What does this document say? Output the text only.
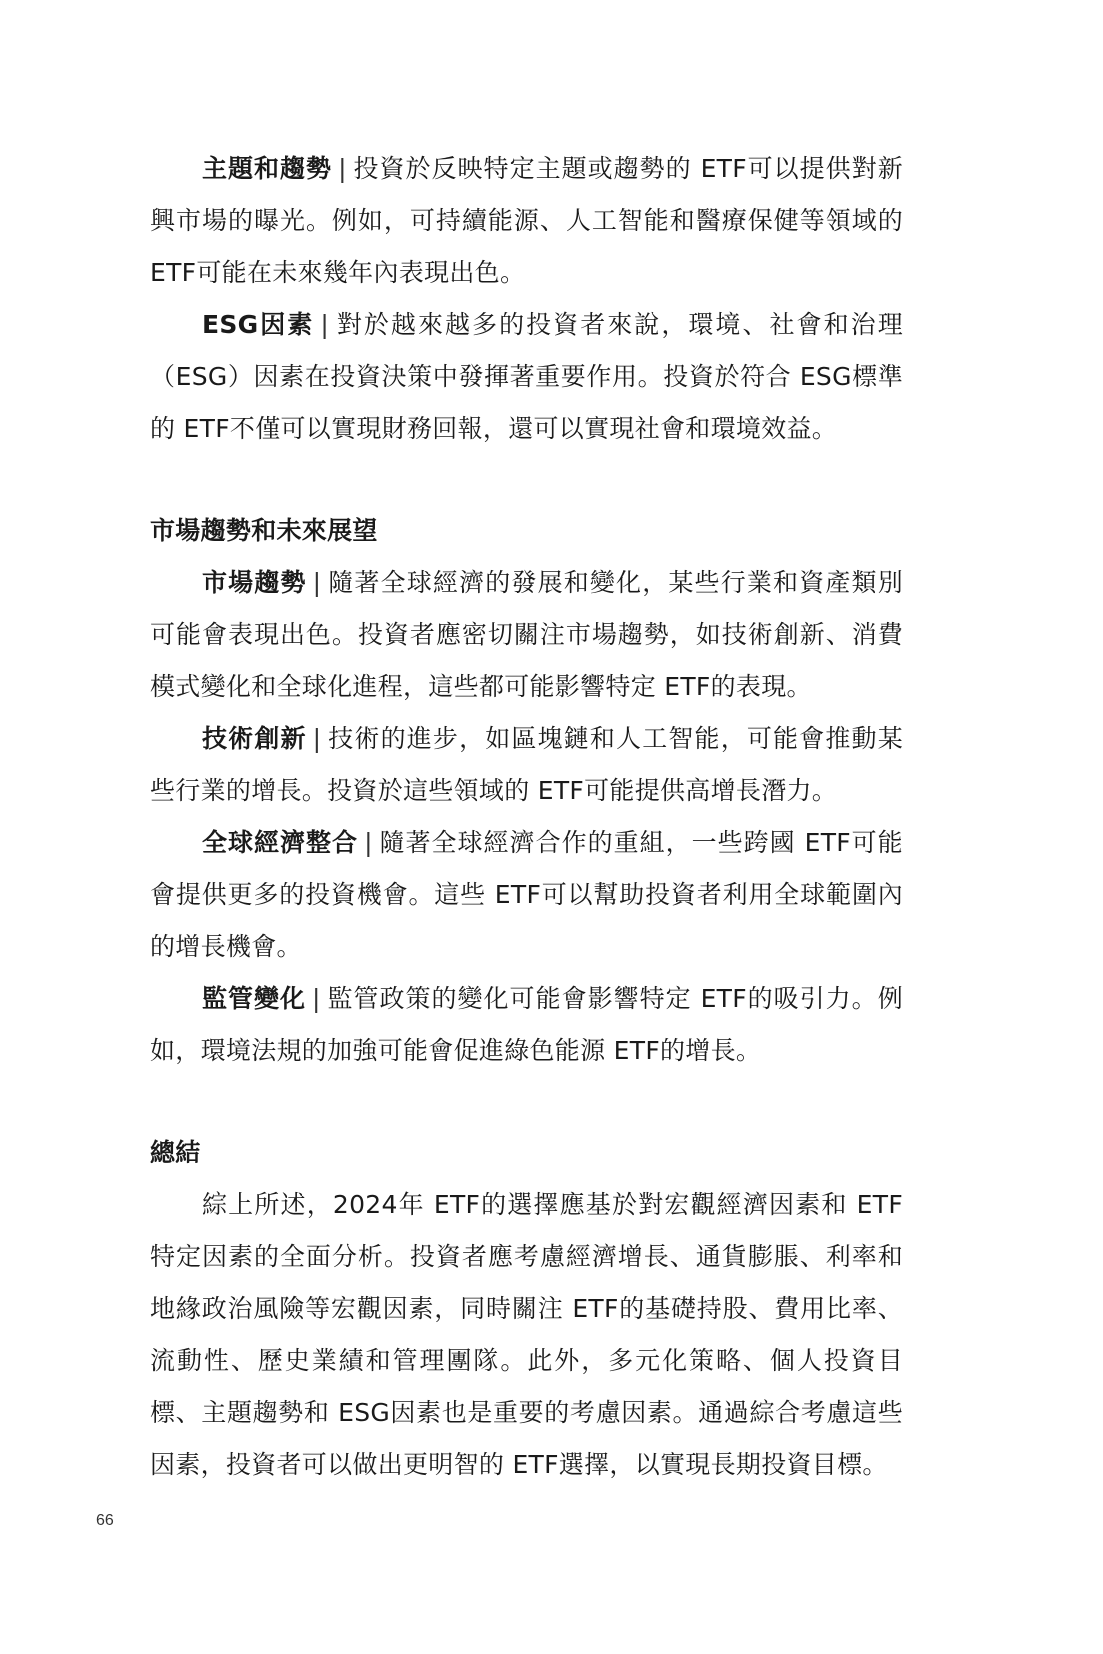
主題和趨勢 | 投資於反映特定主題或趨勢的 ETF可以提供對新興市場的曝光。例如，可持續能源、人工智能和醫療保健等領域的 ETF可能在未來幾年內表現出色。

ESG因素 | 對於越來越多的投資者來說，環境、社會和治理（ESG）因素在投資決策中發揮著重要作用。投資於符合 ESG標準的 ETF不僅可以實現財務回報，還可以實現社會和環境效益。

市場趨勢和未來展望

市場趨勢 | 隨著全球經濟的發展和變化，某些行業和資產類別可能會表現出色。投資者應密切關注市場趨勢，如技術創新、消費模式變化和全球化進程，這些都可能影響特定 ETF的表現。

技術創新 | 技術的進步，如區塊鏈和人工智能，可能會推動某些行業的增長。投資於這些領域的 ETF可能提供高增長潛力。

全球經濟整合 | 隨著全球經濟合作的重組，一些跨國 ETF可能會提供更多的投資機會。這些 ETF可以幫助投資者利用全球範圍內的增長機會。

監管變化 | 監管政策的變化可能會影響特定 ETF的吸引力。例如，環境法規的加強可能會促進綠色能源 ETF的增長。

總結

綜上所述，2024年 ETF的選擇應基於對宏觀經濟因素和 ETF特定因素的全面分析。投資者應考慮經濟增長、通貨膨脹、利率和地緣政治風險等宏觀因素，同時關注 ETF的基礎持股、費用比率、流動性、歷史業績和管理團隊。此外，多元化策略、個人投資目標、主題趨勢和 ESG因素也是重要的考慮因素。通過綜合考慮這些因素，投資者可以做出更明智的 ETF選擇，以實現長期投資目標。

66
